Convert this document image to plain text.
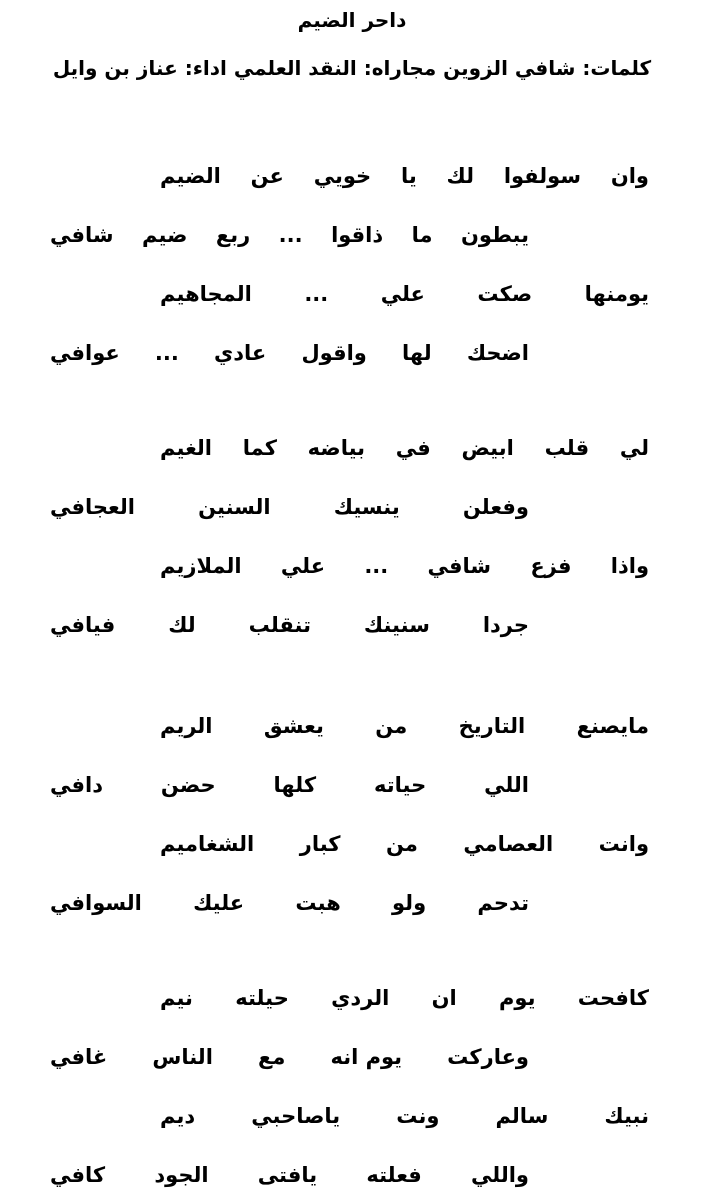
داحر الضيم
كلمات: شافي الزوين مجاراه: النقد العلمي اداء: عناز بن وايل
وان
سولفوا
لك
يا
خويي
عن
الضيم
يبطون
ما
ذاقوا
...
ربع
ضيم
شافي
يومنها
صكت
علي
...
المجاهيم
اضحك
لها
واقول
عادي
...
عوافي
لي
قلب
ابيض
في
بياضه
كما
الغيم
وفعلن
ينسيك
السنين
العجافي
واذا
فزع
شافي
...
علي
الملازيم
جردا
سنينك
تنقلب
لك
فيافي
مايصنع
التاريخ
من
يعشق
الريم
اللي
حياته
كلها
حضن
دافي
وانت
العصامي
من
كبار
الشغاميم
تدحم
ولو
هبت
عليك
السوافي
كافحت
يوم
ان
الردي
حيلته
نيم
وعاركت
يوم انه
مع
الناس
غافي
نبيك
سالم
ونت
ياصاحبي
ديم
واللي
فعلته
يافتى
الجود
كافي
